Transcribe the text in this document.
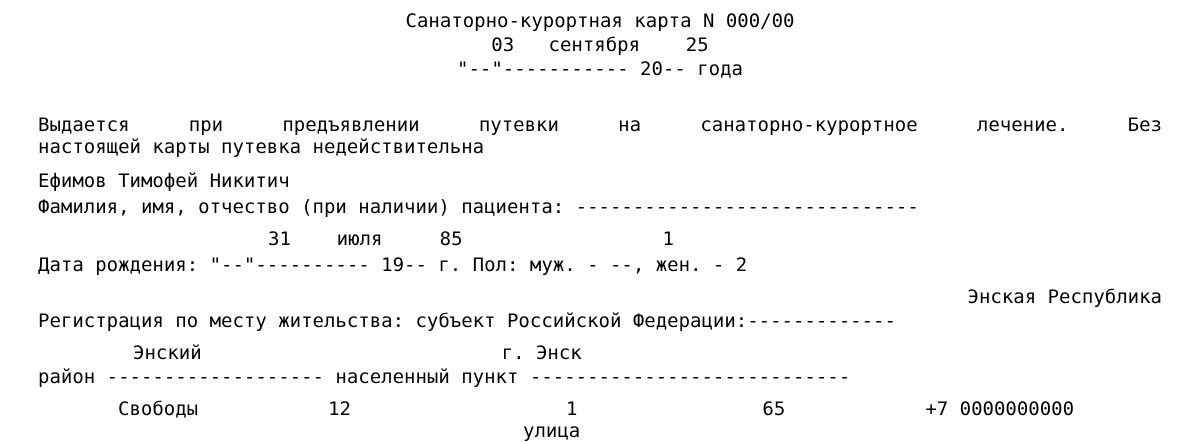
Санаторно-курортная карта N 000/00
03 сентября 25
"--"----------- 20-- года
Выдается при предъявлении путевки на санаторно-курортное лечение. Без
настоящей карты путевка недействительна
Ефимов Тимофей Никитич
Фамилия, имя, отчество (при наличии) пациента: ------------------------------
31 июля	85	1
Дата рождения: "--"---------- 19-- г. Пол: муж. - --, жен. - 2
Энская Республика
Регистрация по месту жительства: субъект Российской Федерации:-------------
Энский	г. Энск
район ------------------- населенный пункт ----------------------------
Свободы	12	1	65	+7 0000000000
улица
